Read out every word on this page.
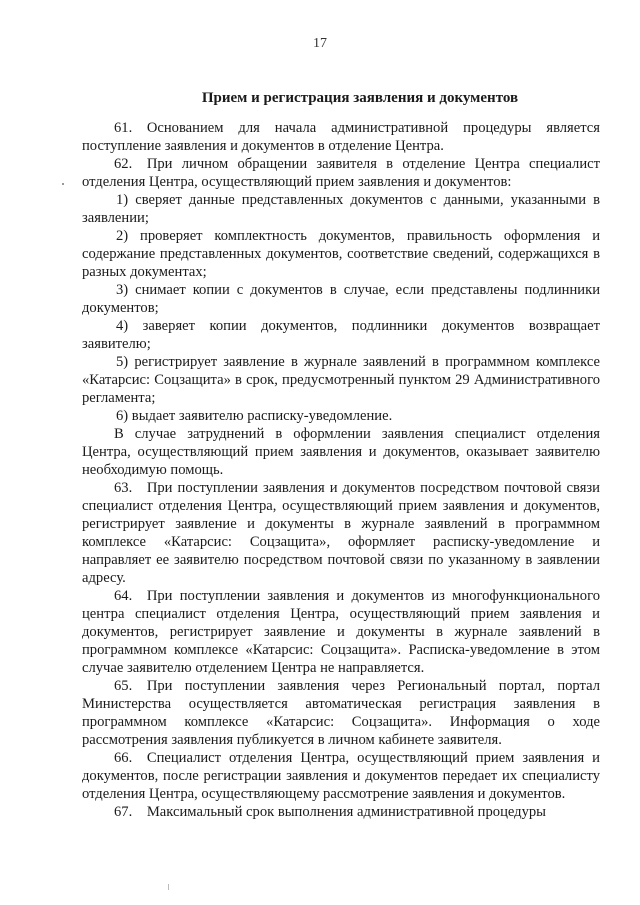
17
Прием и регистрация заявления и документов

61. Основанием для начала административной процедуры является поступление заявления и документов в отделение Центра.

62. При личном обращении заявителя в отделение Центра специалист отделения Центра, осуществляющий прием заявления и документов:

1) сверяет данные представленных документов с данными, указанными в заявлении;

2) проверяет комплектность документов, правильность оформления и содержание представленных документов, соответствие сведений, содержащихся в разных документах;

3) снимает копии с документов в случае, если представлены подлинники документов;

4) заверяет копии документов, подлинники документов возвращает заявителю;

5) регистрирует заявление в журнале заявлений в программном комплексе «Катарсис: Соцзащита» в срок, предусмотренный пунктом 29 Административного регламента;

6) выдает заявителю расписку-уведомление.

В случае затруднений в оформлении заявления специалист отделения Центра, осуществляющий прием заявления и документов, оказывает заявителю необходимую помощь.

63. При поступлении заявления и документов посредством почтовой связи специалист отделения Центра, осуществляющий прием заявления и документов, регистрирует заявление и документы в журнале заявлений в программном комплексе «Катарсис: Соцзащита», оформляет расписку-уведомление и направляет ее заявителю посредством почтовой связи по указанному в заявлении адресу.

64. При поступлении заявления и документов из многофункционального центра специалист отделения Центра, осуществляющий прием заявления и документов, регистрирует заявление и документы в журнале заявлений в программном комплексе «Катарсис: Соцзащита». Расписка-уведомление в этом случае заявителю отделением Центра не направляется.

65. При поступлении заявления через Региональный портал, портал Министерства осуществляется автоматическая регистрация заявления в программном комплексе «Катарсис: Соцзащита». Информация о ходе рассмотрения заявления публикуется в личном кабинете заявителя.

66. Специалист отделения Центра, осуществляющий прием заявления и документов, после регистрации заявления и документов передает их специалисту отделения Центра, осуществляющему рассмотрение заявления и документов.

67. Максимальный срок выполнения административной процедуры
